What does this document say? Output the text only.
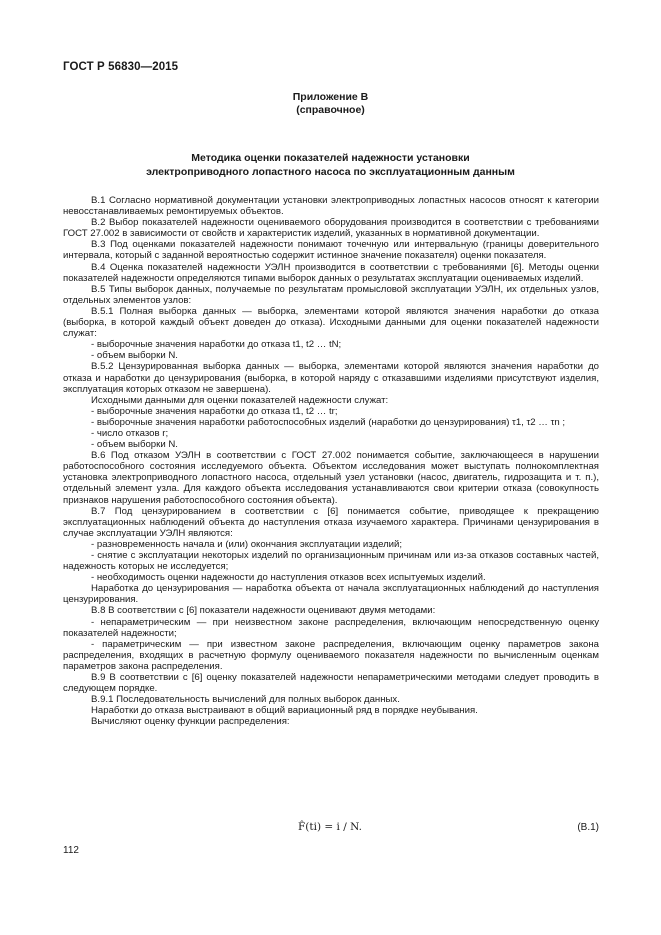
ГОСТ Р 56830—2015
Приложение В
(справочное)
Методика оценки показателей надежности установки
электроприводного лопастного насоса по эксплуатационным данным

В.1 Согласно нормативной документации установки электроприводных лопастных насосов относят к категории невосстанавливаемых ремонтируемых объектов.

В.2 Выбор показателей надежности оцениваемого оборудования производится в соответствии с требованиями ГОСТ 27.002 в зависимости от свойств и характеристик изделий, указанных в нормативной документации.

В.3 Под оценками показателей надежности понимают точечную или интервальную (границы доверительного интервала, который с заданной вероятностью содержит истинное значение показателя) оценки показателя.

В.4 Оценка показателей надежности УЭЛН производится в соответствии с требованиями [6]. Методы оценки показателей надежности определяются типами выборок данных о результатах эксплуатации оцениваемых изделий.

В.5 Типы выборок данных, получаемые по результатам промысловой эксплуатации УЭЛН, их отдельных узлов, отдельных элементов узлов:

В.5.1 Полная выборка данных — выборка, элементами которой являются значения наработки до отказа (выборка, в которой каждый объект доведен до отказа). Исходными данными для оценки показателей надежности служат:

- выборочные значения наработки до отказа t1, t2 … tN;

- объем выборки N.

В.5.2 Цензурированная выборка данных — выборка, элементами которой являются значения наработки до отказа и наработки до цензурирования (выборка, в которой наряду с отказавшими изделиями присутствуют изделия, эксплуатация которых отказом не завершена).

Исходными данными для оценки показателей надежности служат:

- выборочные значения наработки до отказа t1, t2 … tr;

- выборочные значения наработки работоспособных изделий (наработки до цензурирования) τ1, τ2 … τn ;

- число отказов r;

- объем выборки N.

В.6 Под отказом УЭЛН в соответствии с ГОСТ 27.002 понимается событие, заключающееся в нарушении работоспособного состояния исследуемого объекта. Объектом исследования может выступать полнокомплектная установка электроприводного лопастного насоса, отдельный узел установки (насос, двигатель, гидрозащита и т. п.), отдельный элемент узла. Для каждого объекта исследования устанавливаются свои критерии отказа (совокупность признаков нарушения работоспособного состояния объекта).

В.7 Под цензурированием в соответствии с [6] понимается событие, приводящее к прекращению эксплуатационных наблюдений объекта до наступления отказа изучаемого характера. Причинами цензурирования в случае эксплуатации УЭЛН являются:

- разновременность начала и (или) окончания эксплуатации изделий;

- снятие с эксплуатации некоторых изделий по организационным причинам или из-за отказов составных частей, надежность которых не исследуется;

- необходимость оценки надежности до наступления отказов всех испытуемых изделий.

Наработка до цензурирования — наработка объекта от начала эксплуатационных наблюдений до наступления цензурирования.

В.8 В соответствии с [6] показатели надежности оценивают двумя методами:

- непараметрическим — при неизвестном законе распределения, включающим непосредственную оценку показателей надежности;

- параметрическим — при известном законе распределения, включающим оценку параметров закона распределения, входящих в расчетную формулу оцениваемого показателя надежности по вычисленным оценкам параметров закона распределения.

В.9 В соответствии с [6] оценку показателей надежности непараметрическими методами следует проводить в следующем порядке.

В.9.1 Последовательность вычислений для полных выборок данных.

Наработки до отказа выстраивают в общий вариационный ряд в порядке неубывания.

Вычисляют оценку функции распределения:

F̂(ti) = i / N.	(В.1)
112
